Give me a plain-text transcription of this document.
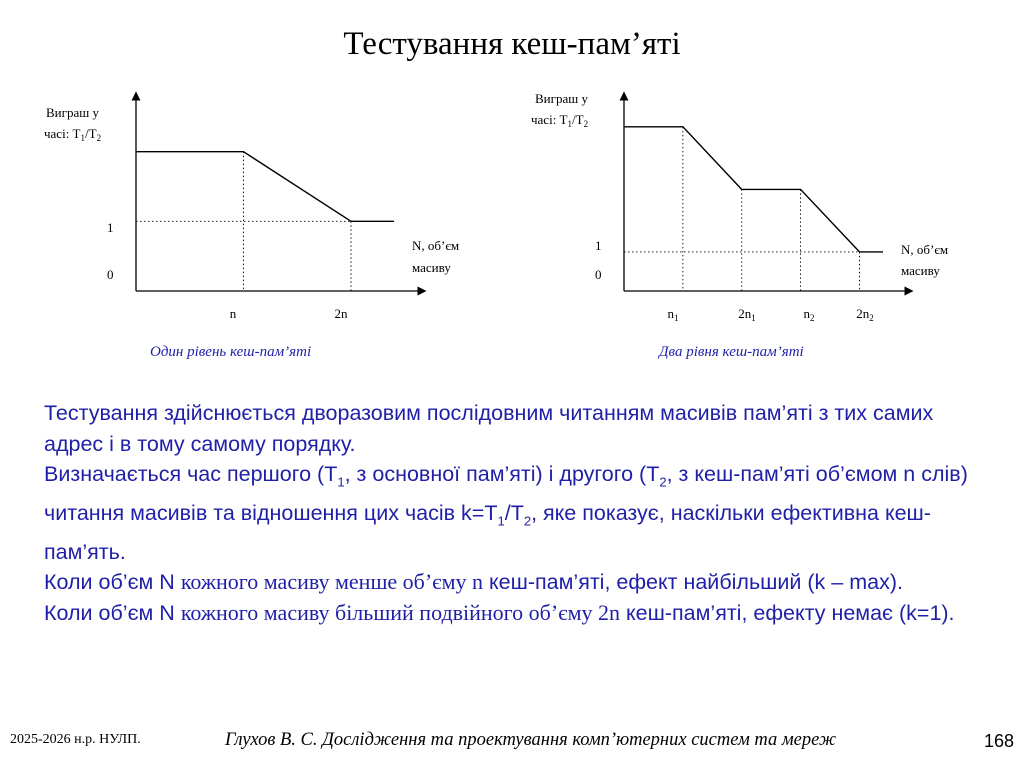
Тестування кеш-пам’яті
Виграш у
часі: $T_1/T_2$
N, об’єм
масиву
1
0
n	2n
Один рівень кеш-пам’яті
Виграш у
часі: $T_1/T_2$
N, об’єм
масиву
1
0
$n_1$	$2n_1$	$n_2$	$2n_2$
Два рівня кеш-пам’яті

Тестування здійснюється дворазовим послідовним читанням масивів пам’яті з тих самих адрес і в тому самому порядку.

Визначається час першого ($T_1$, з основної пам’яті) і другого ($T_2$, з кеш-пам’яті об’ємом n слів) читання масивів та відношення цих часів $k=T_1/T_2$, яке показує, наскільки ефективна кеш-пам’ять.

Коли об’єм N кожного масиву менше об’єму n кеш-пам’яті, ефект найбільший (k – max).

Коли об’єм N кожного масиву більший подвійного об’єму 2n кеш-пам’яті, ефекту немає (k=1).

2025-2026 н.р. НУЛП.	Глухов В. С. Дослідження та проектування комп’ютерних систем та мереж	168
